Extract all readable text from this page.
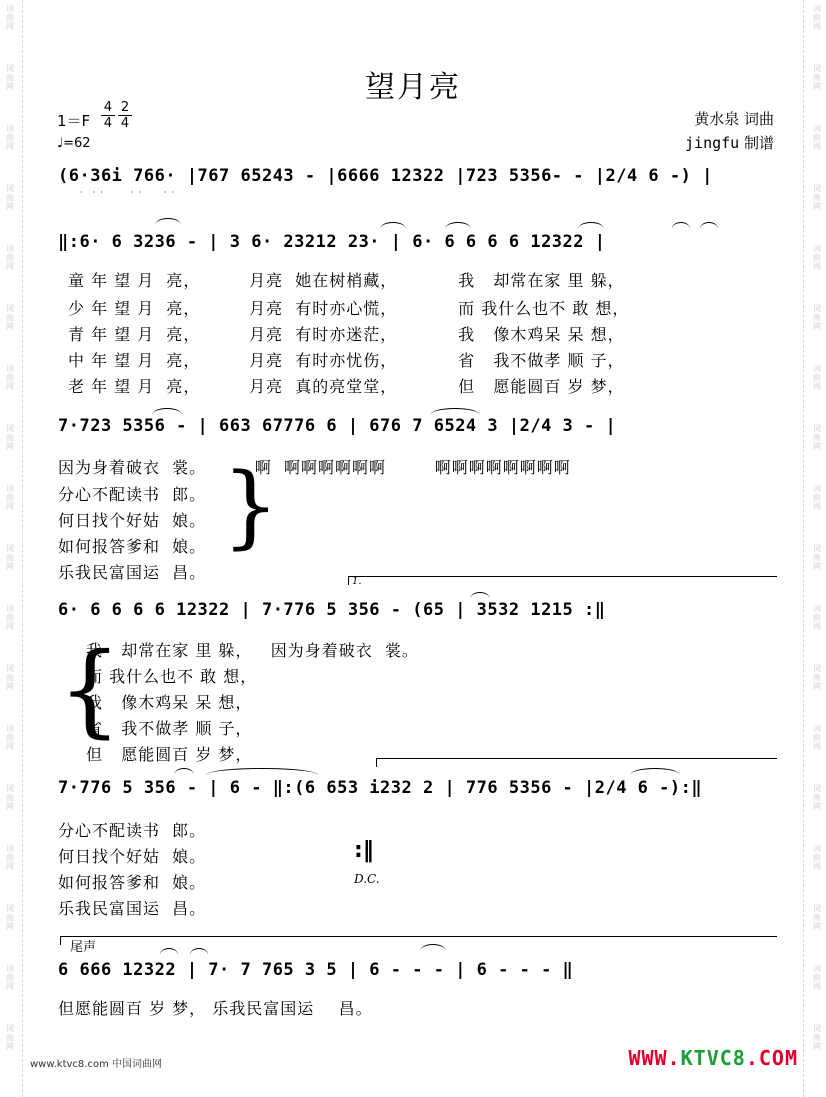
词曲网
词曲网
词曲网
词曲网
词曲网
词曲网
词曲网
词曲网
词曲网
词曲网
词曲网
词曲网
词曲网
词曲网
词曲网
词曲网
词曲网
词曲网
词曲网
词曲网
词曲网
词曲网
词曲网
词曲网
词曲网
词曲网
词曲网
词曲网
词曲网
词曲网
词曲网
词曲网
词曲网
词曲网
词曲网
词曲网
望月亮
$1=F \frac{4}{4} \frac{2}{4}$
♩=62
黄水泉 词曲
jingfu 制谱
(6·36i 766· |767 65243 - |6666 12322 |723 5356- - |2/4 6 -) |
·    ·  ·           ·  ·         ·  ·
‖:6· 6 3236 - | 3 6· 23212 23· | 6· 6 6 6 6 12322 |
童 年 望 月  亮，        月亮  她在树梢藏，          我   却常在家 里 躲，
少 年 望 月  亮，        月亮  有时亦心慌，          而 我什么也不 敢 想，
青 年 望 月  亮，        月亮  有时亦迷茫，          我   像木鸡呆 呆 想，
中 年 望 月  亮，        月亮  有时亦忧伤，          省   我不做孝 顺 子，
老 年 望 月  亮，        月亮  真的亮堂堂，          但   愿能圆百 岁 梦，
7·723 5356 - | 663 67776 6 | 676 7 6524 3 |2/4 3 - |
因为身着破衣  裳。        啊  啊啊啊啊啊啊        啊啊啊啊啊啊啊啊
分心不配读书  郎。
何日找个好姑  娘。
如何报答爹和  娘。
乐我民富国运  昌。
}
1.
6· 6 6 6 6 12322 | 7·776 5 356 - (65 | 3532 1215 :‖
{
我   却常在家 里 躲，   因为身着破衣  裳。
而 我什么也不 敢 想，
我   像木鸡呆 呆 想，
省   我不做孝 顺 子，
但   愿能圆百 岁 梦，
7·776 5 356 - | 6 - ‖:(6 653 i232 2 | 776 5356 - |2/4 6 -):‖
分心不配读书  郎。
何日找个好姑  娘。
如何报答爹和  娘。
乐我民富国运  昌。
:‖
D.C.
尾声
6 666 12322 | 7· 7 765 3 5 | 6 - - - | 6 - - - ‖
但愿能圆百 岁 梦， 乐我民富国运    昌。
www.ktvc8.com 中国词曲网	WWW.KTVC8.COM
